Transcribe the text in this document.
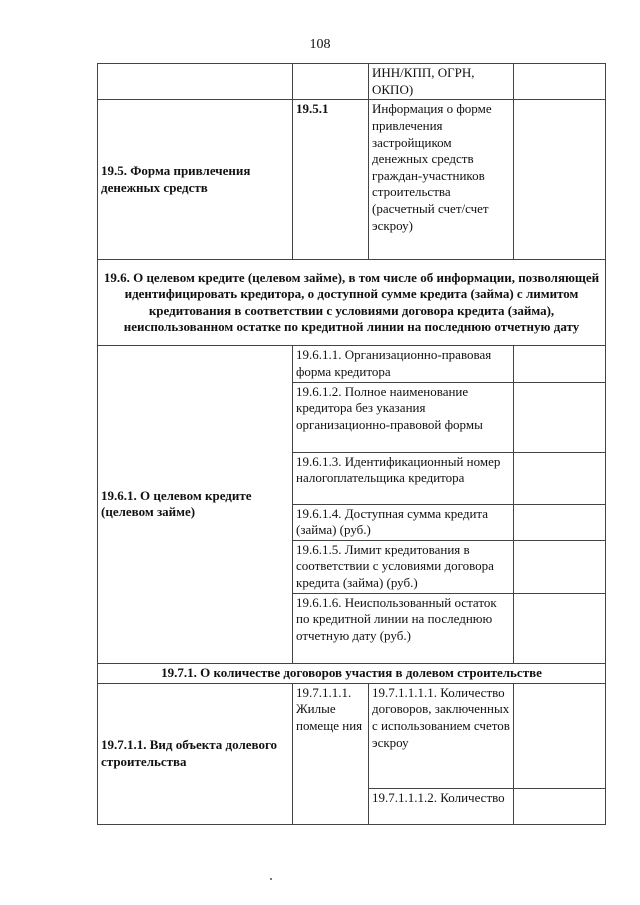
108
		ИНН/КПП, ОГРН, ОКПО)	
19.5. Форма привлечения денежных средств	19.5.1	Информация о форме привлечения застройщиком денежных средств граждан-участников строительства (расчетный счет/счет эскроу)	
19.6. О целевом кредите (целевом займе), в том числе об информации, позволяющей идентифицировать кредитора, о доступной сумме кредита (займа) с лимитом кредитования в соответствии с условиями договора кредита (займа), неиспользованном остатке по кредитной линии на последнюю отчетную дату			
19.6.1. О целевом кредите (целевом займе)	19.6.1.1. Организационно-правовая форма кредитора		
	19.6.1.2. Полное наименование кредитора без указания организационно-правовой формы		
	19.6.1.3. Идентификационный номер налогоплательщика кредитора		
	19.6.1.4. Доступная сумма кредита (займа) (руб.)		
	19.6.1.5. Лимит кредитования в соответствии с условиями договора кредита (займа) (руб.)		
	19.6.1.6. Неиспользованный остаток по кредитной линии на последнюю отчетную дату (руб.)		
19.7.1. О количестве договоров участия в долевом строительстве			
19.7.1.1. Вид объекта долевого строительства	19.7.1.1.1. Жилые помеще ния	19.7.1.1.1.1. Количество договоров, заключенных с использованием счетов эскроу	
		19.7.1.1.1.2. Количество	
